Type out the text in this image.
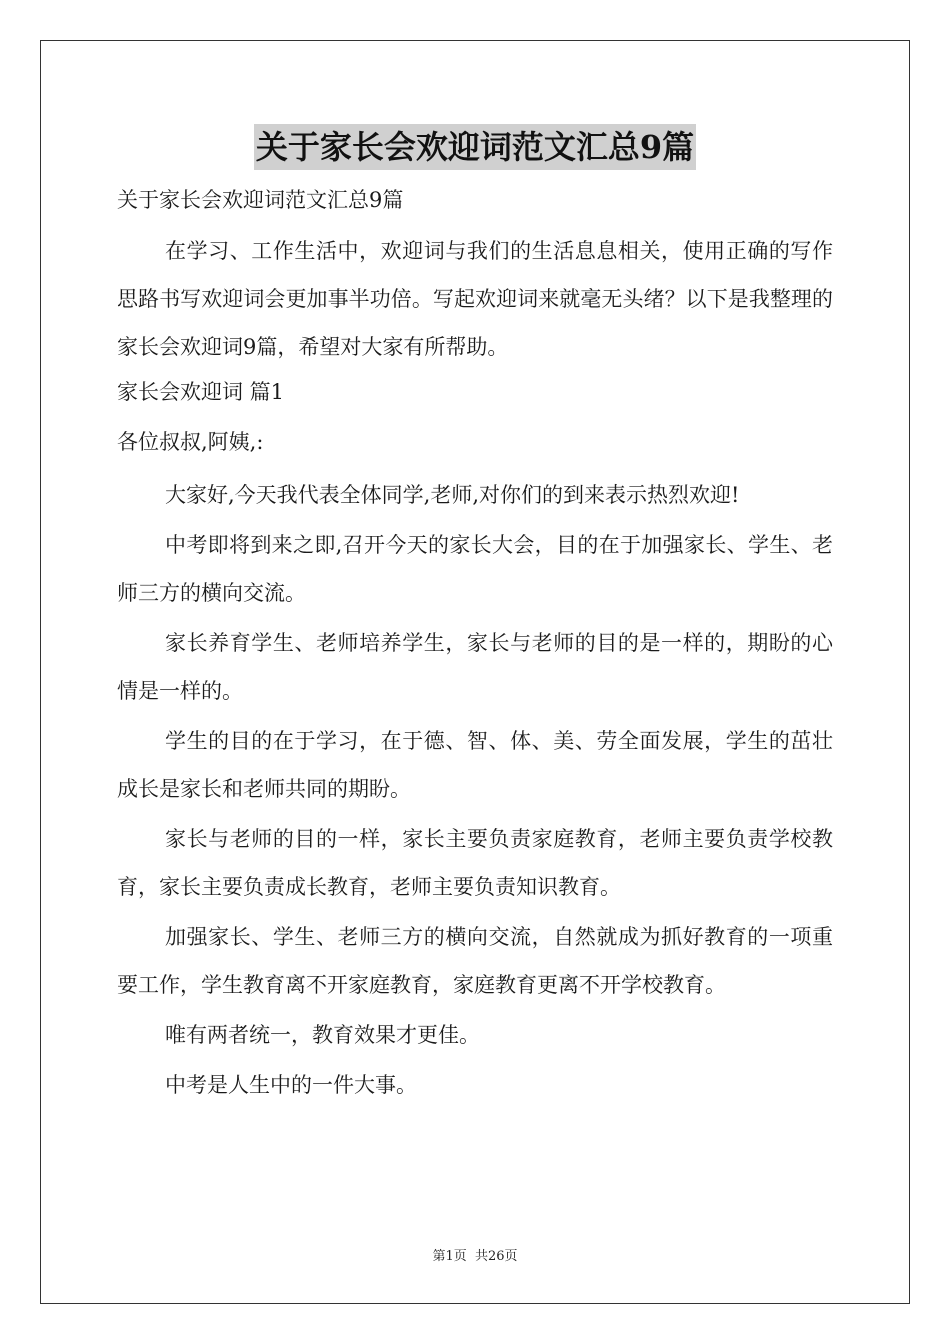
关于家长会欢迎词范文汇总9篇
关于家长会欢迎词范文汇总9篇

在学习、工作生活中，欢迎词与我们的生活息息相关，使用正确的写作思路书写欢迎词会更加事半功倍。写起欢迎词来就毫无头绪？以下是我整理的家长会欢迎词9篇，希望对大家有所帮助。

家长会欢迎词 篇1
各位叔叔,阿姨,:

大家好,今天我代表全体同学,老师,对你们的到来表示热烈欢迎!

中考即将到来之即,召开今天的家长大会，目的在于加强家长、学生、老师三方的横向交流。

家长养育学生、老师培养学生，家长与老师的目的是一样的，期盼的心情是一样的。

学生的目的在于学习，在于德、智、体、美、劳全面发展，学生的茁壮成长是家长和老师共同的期盼。

家长与老师的目的一样，家长主要负责家庭教育，老师主要负责学校教育，家长主要负责成长教育，老师主要负责知识教育。

加强家长、学生、老师三方的横向交流，自然就成为抓好教育的一项重要工作，学生教育离不开家庭教育，家庭教育更离不开学校教育。

唯有两者统一，教育效果才更佳。

中考是人生中的一件大事。

第1页 共26页
